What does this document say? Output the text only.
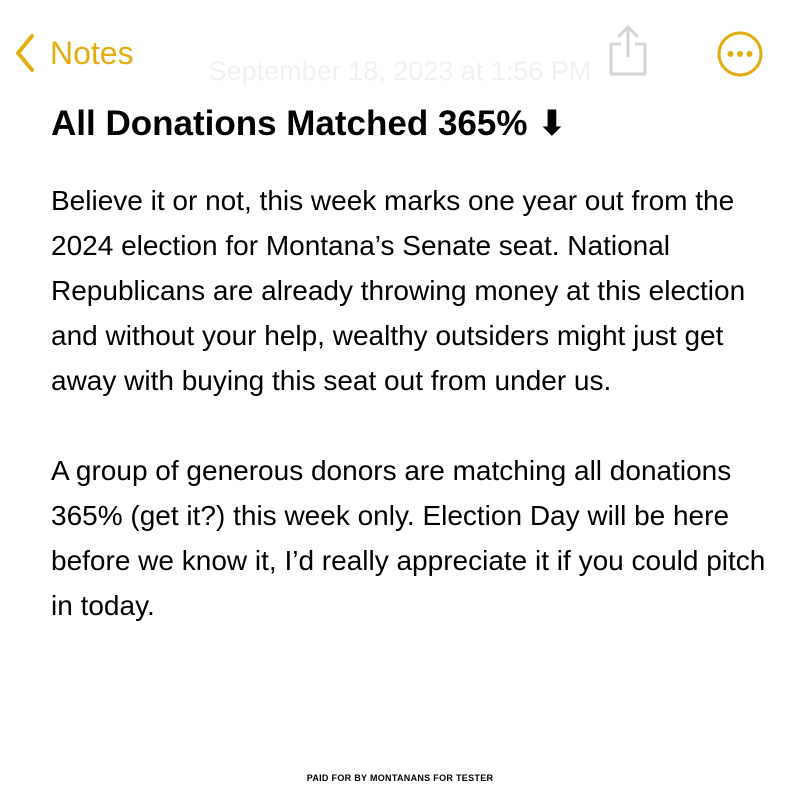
Notes	September 18, 2023 at 1:56 PM
All Donations Matched 365% ⬇

Believe it or not, this week marks one year out from the 2024 election for Montana’s Senate seat. National Republicans are already throwing money at this election and without your help, wealthy outsiders might just get away with buying this seat out from under us.

A group of generous donors are matching all donations 365% (get it?) this week only. Election Day will be here before we know it, I’d really appreciate it if you could pitch in today.

PAID FOR BY MONTANANS FOR TESTER
